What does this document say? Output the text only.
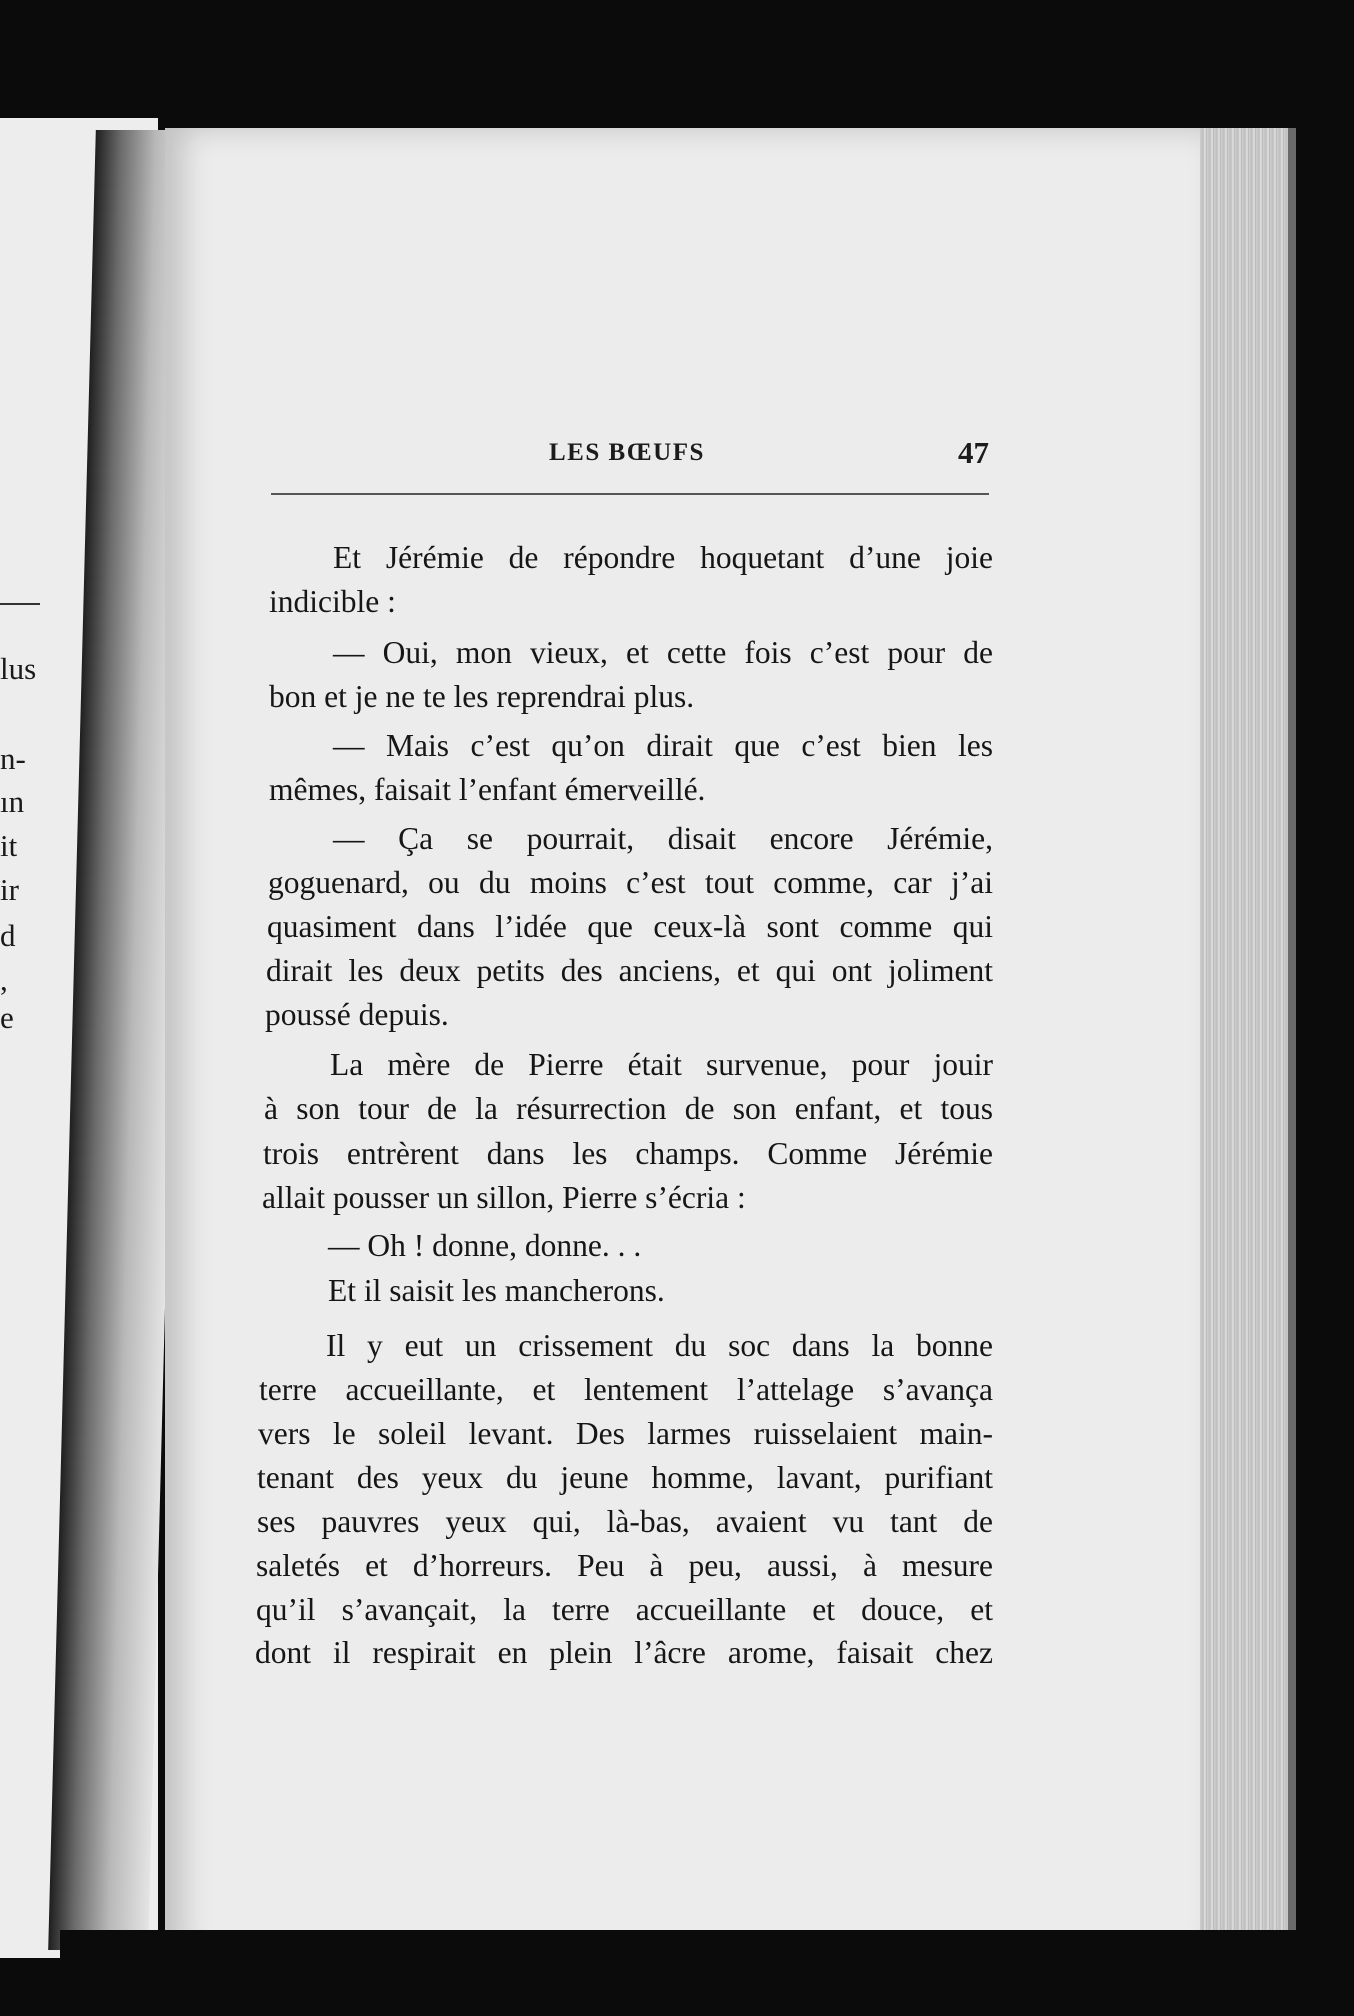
lus
n-
ın
it
ir
d
,
e
LES BŒUFS	47
Et Jérémie de répondre hoquetant d’une joie
indicible :
— Oui, mon vieux, et cette fois c’est pour de
bon et je ne te les reprendrai plus.
— Mais c’est qu’on dirait que c’est bien les
mêmes, faisait l’enfant émerveillé.
— Ça se pourrait, disait encore Jérémie,
goguenard, ou du moins c’est tout comme, car j’ai
quasiment dans l’idée que ceux-là sont comme qui
dirait les deux petits des anciens, et qui ont joliment
poussé depuis.
La mère de Pierre était survenue, pour jouir
à son tour de la résurrection de son enfant, et tous
trois entrèrent dans les champs. Comme Jérémie
allait pousser un sillon, Pierre s’écria :
— Oh ! donne, donne. . .
Et il saisit les mancherons.
Il y eut un crissement du soc dans la bonne
terre accueillante, et lentement l’attelage s’avança
vers le soleil levant. Des larmes ruisselaient main-
tenant des yeux du jeune homme, lavant, purifiant
ses pauvres yeux qui, là-bas, avaient vu tant de
saletés et d’horreurs. Peu à peu, aussi, à mesure
qu’il s’avançait, la terre accueillante et douce, et
dont il respirait en plein l’âcre arome, faisait chez
